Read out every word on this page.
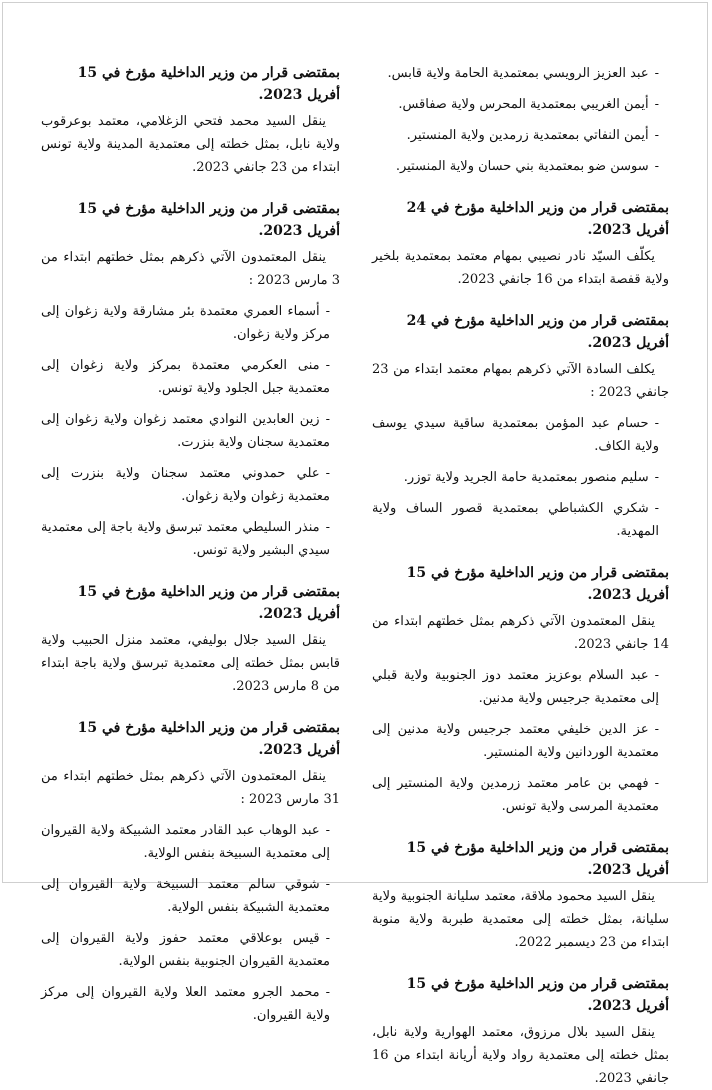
-عبد العزيز الرويسي بمعتمدية الحامة ولاية قابس.

-أيمن الغريبي بمعتمدية المحرس ولاية صفاقس.

-أيمن النفاتي بمعتمدية زرمدين ولاية المنستير.

-سوسن ضو بمعتمدية بني حسان ولاية المنستير.

بمقتضى قرار من وزير الداخلية مؤرخ في 24 أفريل 2023.

يكلّف السيّد نادر نصيبي بمهام معتمد بمعتمدية بلخير ولاية قفصة ابتداء من 16 جانفي 2023.

بمقتضى قرار من وزير الداخلية مؤرخ في 24 أفريل 2023.

يكلف السادة الآتي ذكرهم بمهام معتمد ابتداء من 23 جانفي 2023 :

-حسام عبد المؤمن بمعتمدية ساقية سيدي يوسف ولاية الكاف.

-سليم منصور بمعتمدية حامة الجريد ولاية توزر.

-شكري الكشباطي بمعتمدية قصور الساف ولاية المهدية.

بمقتضى قرار من وزير الداخلية مؤرخ في 15 أفريل 2023.

ينقل المعتمدون الآتي ذكرهم بمثل خطتهم ابتداء من 14 جانفي 2023.

-عبد السلام بوعزيز معتمد دوز الجنوبية ولاية قبلي إلى معتمدية جرجيس ولاية مدنين.

-عز الدين خليفي معتمد جرجيس ولاية مدنين إلى معتمدية الوردانين ولاية المنستير.

-فهمي بن عامر معتمد زرمدين ولاية المنستير إلى معتمدية المرسى ولاية تونس.

بمقتضى قرار من وزير الداخلية مؤرخ في 15 أفريل 2023.

ينقل السيد محمود ملاقة، معتمد سليانة الجنوبية ولاية سليانة، بمثل خطته إلى معتمدية طبربة ولاية منوبة ابتداء من 23 ديسمبر 2022.

بمقتضى قرار من وزير الداخلية مؤرخ في 15 أفريل 2023.

ينقل السيد بلال مرزوق، معتمد الهوارية ولاية نابل، بمثل خطته إلى معتمدية رواد ولاية أريانة ابتداء من 16 جانفي 2023.

بمقتضى قرار من وزير الداخلية مؤرخ في 15 أفريل 2023.

ينقل السيد محمد فتحي الزغلامي، معتمد بوعرقوب ولاية نابل، بمثل خطته إلى معتمدية المدينة ولاية تونس ابتداء من 23 جانفي 2023.

بمقتضى قرار من وزير الداخلية مؤرخ في 15 أفريل 2023.

ينقل المعتمدون الآتي ذكرهم بمثل خطتهم ابتداء من 3 مارس 2023 :

-أسماء العمري معتمدة بئر مشارقة ولاية زغوان إلى مركز ولاية زغوان.

-منى العكرمي معتمدة بمركز ولاية زغوان إلى معتمدية جبل الجلود ولاية تونس.

-زين العابدين النوادي معتمد زغوان ولاية زغوان إلى معتمدية سجنان ولاية بنزرت.

-علي حمدوني معتمد سجنان ولاية بنزرت إلى معتمدية زغوان ولاية زغوان.

-منذر السليطي معتمد تبرسق ولاية باجة إلى معتمدية سيدي البشير ولاية تونس.

بمقتضى قرار من وزير الداخلية مؤرخ في 15 أفريل 2023.

ينقل السيد جلال بوليفي، معتمد منزل الحبيب ولاية قابس بمثل خطته إلى معتمدية تبرسق ولاية باجة ابتداء من 8 مارس 2023.

بمقتضى قرار من وزير الداخلية مؤرخ في 15 أفريل 2023.

ينقل المعتمدون الآتي ذكرهم بمثل خطتهم ابتداء من 31 مارس 2023 :

-عبد الوهاب عبد القادر معتمد الشبيكة ولاية القيروان إلى معتمدية السبيخة بنفس الولاية.

-شوقي سالم معتمد السبيخة ولاية القيروان إلى معتمدية الشبيكة بنفس الولاية.

-قيس بوعلاقي معتمد حفوز ولاية القيروان إلى معتمدية القيروان الجنوبية بنفس الولاية.

-محمد الجرو معتمد العلا ولاية القيروان إلى مركز ولاية القيروان.
